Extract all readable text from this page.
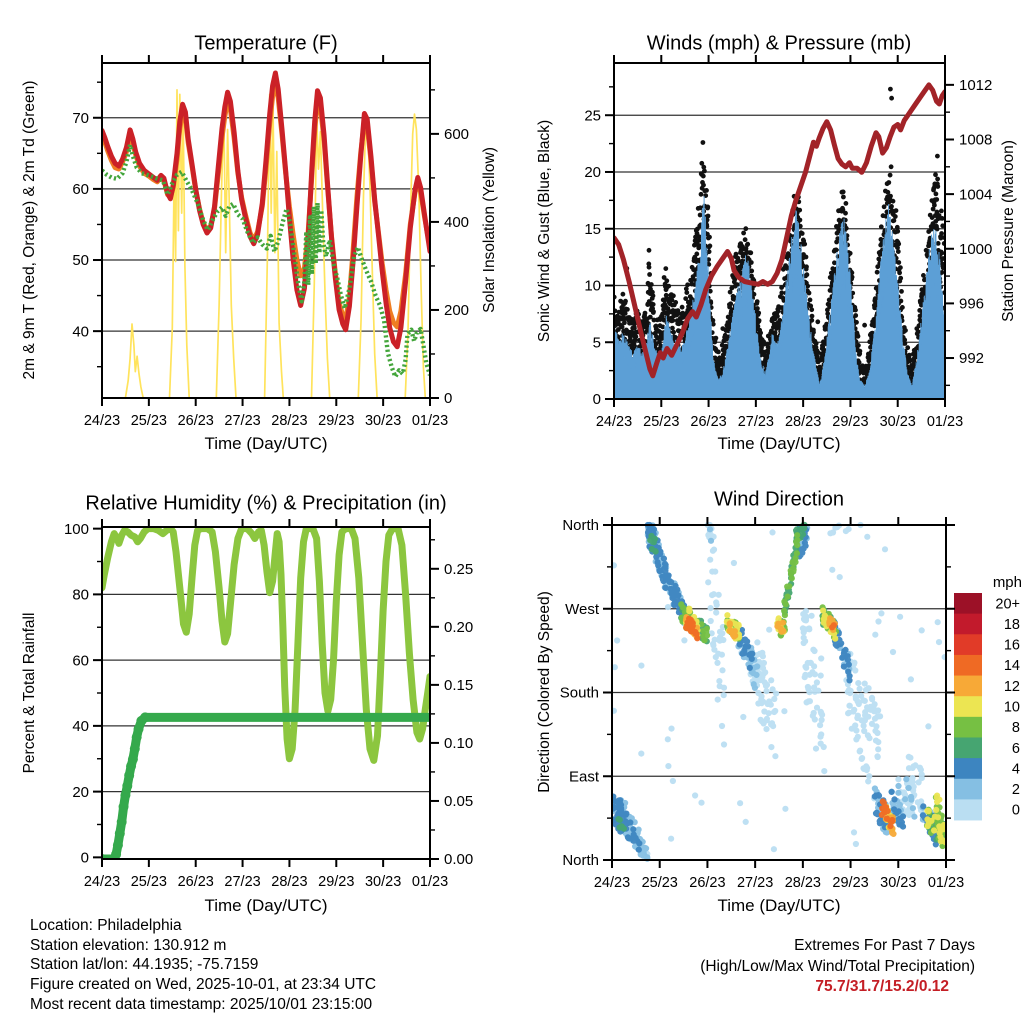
24/23 25/23 26/23 27/23 28/23 29/23 30/23 01/23
40
50
60
70
0
200
400
600
24/23 25/23 26/23 27/23 28/23 29/23 30/23 01/23
0
5
10
15
20
25
992
996
1000
1004
1008
1012
24/23 25/23 26/23 27/23 28/23 29/23 30/23 01/23
0
20
40
60
80
100
0.00
0.05
0.10
0.15
0.20
0.25
20+
18
16
14
12
10
8
6
4
2
0
mph
24/23 25/23 26/23 27/23 28/23 29/23 30/23 01/23
North
East
South
West
North
Temperature (F)	Winds (mph) & Pressure (mb)
Relative Humidity (%) & Precipitation (in)	Wind Direction
Time (Day/UTC)	Time (Day/UTC)
Time (Day/UTC)	Time (Day/UTC)
2m & 9m T (Red, Orange) & 2m Td (Green)	Solar Insolation (Yellow) Sonic Wind & Gust (Blue, Black)	Station Pressure (Maroon)
Percent & Total Rainfall	Direction (Colored By Speed)
Location: Philadelphia
Station elevation: 130.912 m
Station lat/lon: 44.1935; -75.7159
Figure created on Wed, 2025-10-01, at 23:34 UTC
Most recent data timestamp: 2025/10/01 23:15:00
Extremes For Past 7 Days
(High/Low/Max Wind/Total Precipitation)
75.7/31.7/15.2/0.12
